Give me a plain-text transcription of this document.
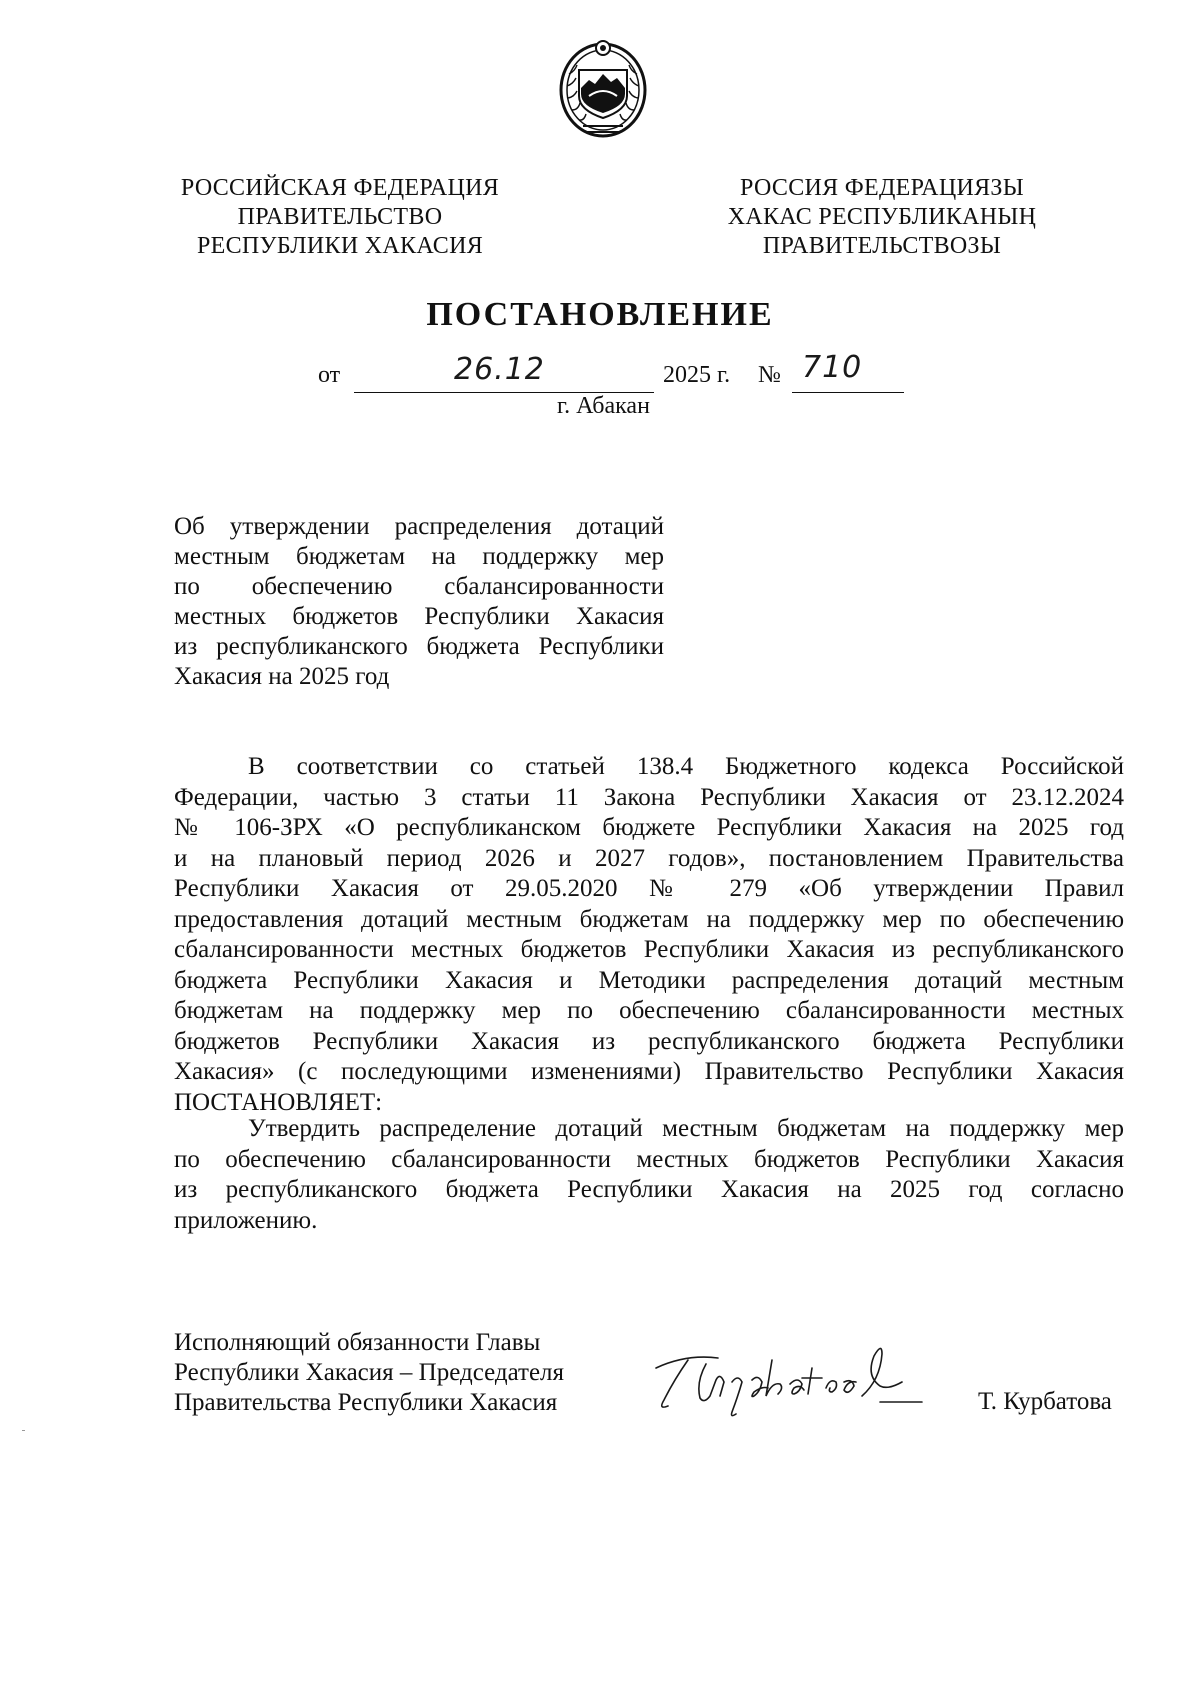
РОССИЙСКАЯ ФЕДЕРАЦИЯ
ПРАВИТЕЛЬСТВО
РЕСПУБЛИКИ ХАКАСИЯ
РОССИЯ ФЕДЕРАЦИЯЗЫ
ХАКАС РЕСПУБЛИКАНЫҢ
ПРАВИТЕЛЬСТВОЗЫ
ПОСТАНОВЛЕНИЕ
от	26.12	2025 г. № 710
г. Абакан
Об утверждении распределения дотаций
местным бюджетам на поддержку мер
по обеспечению сбалансированности
местных бюджетов Республики Хакасия
из республиканского бюджета Республики
Хакасия на 2025 год
В соответствии со статьей 138.4 Бюджетного кодекса Российской
Федерации, частью 3 статьи 11 Закона Республики Хакасия от 23.12.2024
№ 106-ЗРХ «О республиканском бюджете Республики Хакасия на 2025 год
и на плановый период 2026 и 2027 годов», постановлением Правительства
Республики Хакасия от 29.05.2020 № 279 «Об утверждении Правил
предоставления дотаций местным бюджетам на поддержку мер по обеспечению
сбалансированности местных бюджетов Республики Хакасия из республиканского
бюджета Республики Хакасия и Методики распределения дотаций местным
бюджетам на поддержку мер по обеспечению сбалансированности местных
бюджетов Республики Хакасия из республиканского бюджета Республики
Хакасия» (с последующими изменениями) Правительство Республики Хакасия
ПОСТАНОВЛЯЕТ:
Утвердить распределение дотаций местным бюджетам на поддержку мер
по обеспечению сбалансированности местных бюджетов Республики Хакасия
из республиканского бюджета Республики Хакасия на 2025 год согласно
приложению.
Исполняющий обязанности Главы
Республики Хакасия – Председателя
Правительства Республики Хакасия	Т. Курбатова
